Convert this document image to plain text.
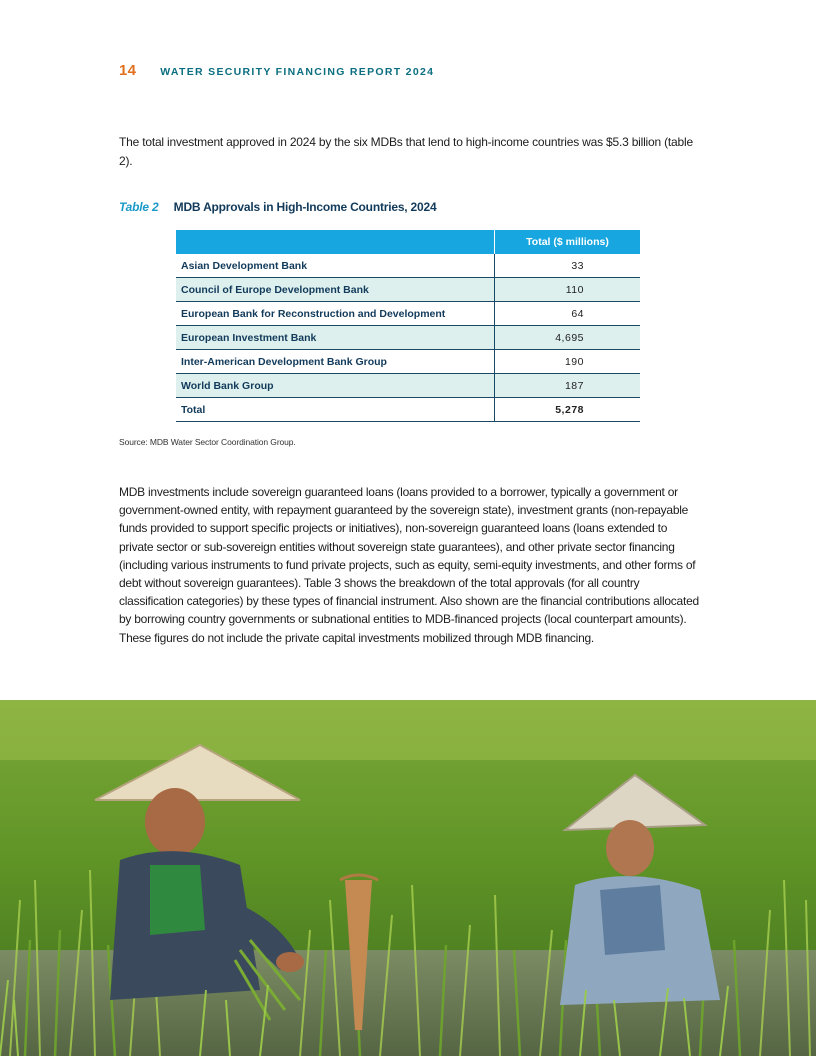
14 WATER SECURITY FINANCING REPORT 2024

The total investment approved in 2024 by the six MDBs that lend to high-income countries was $5.3 billion (table 2).

Table 2 MDB Approvals in High-Income Countries, 2024
	Total ($ millions)
Asian Development Bank	33
Council of Europe Development Bank	110
European Bank for Reconstruction and Development	64
European Investment Bank	4,695
Inter-American Development Bank Group	190
World Bank Group	187
Total	5,278
Source: MDB Water Sector Coordination Group.

MDB investments include sovereign guaranteed loans (loans provided to a borrower, typically a government or government-owned entity, with repayment guaranteed by the sovereign state), investment grants (non-repayable funds provided to support specific projects or initiatives), non-sovereign guaranteed loans (loans extended to private sector or sub-sovereign entities without sovereign state guarantees), and other private sector financing (including various instruments to fund private projects, such as equity, semi-equity investments, and other forms of debt without sovereign guarantees). Table 3 shows the breakdown of the total approvals (for all country classification categories) by these types of financial instrument. Also shown are the financial contributions allocated by borrowing country governments or subnational entities to MDB-financed projects (local counterpart amounts). These figures do not include the private capital investments mobilized through MDB financing.
